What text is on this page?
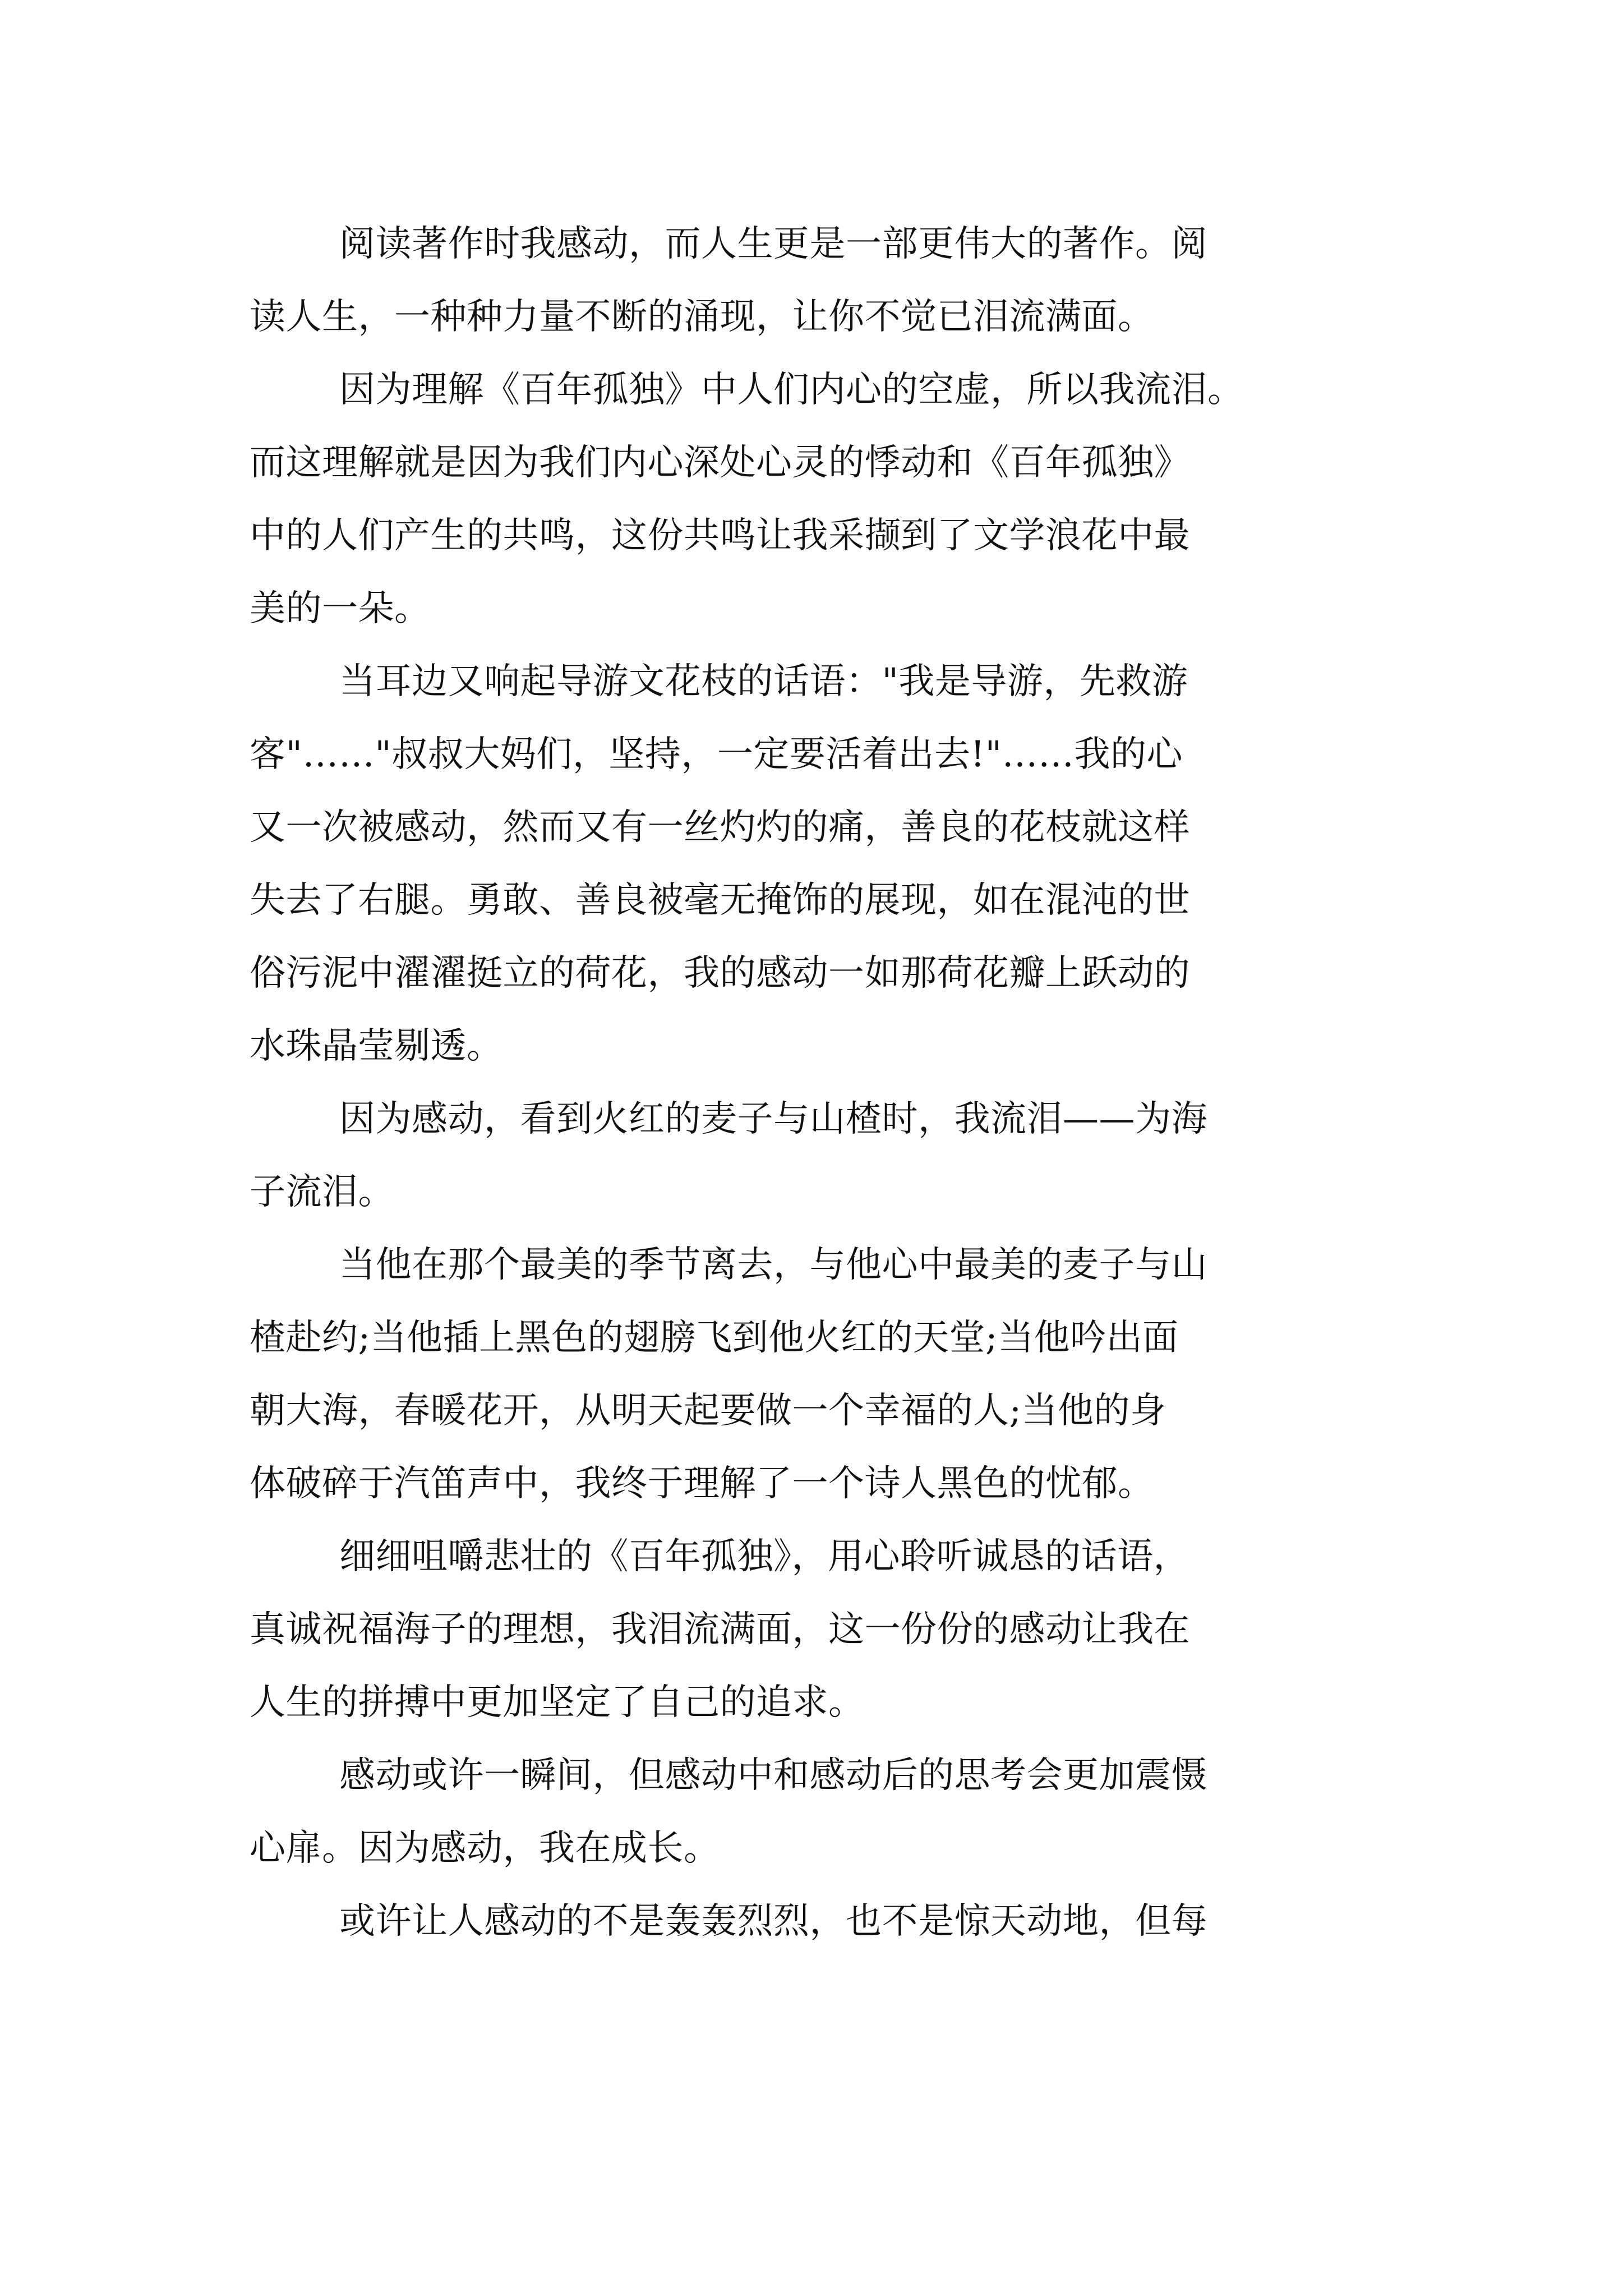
阅读著作时我感动，而人生更是一部更伟大的著作。阅
读人生，一种种力量不断的涌现，让你不觉已泪流满面。
因为理解《百年孤独》中人们内心的空虚，所以我流泪。
而这理解就是因为我们内心深处心灵的悸动和《百年孤独》
中的人们产生的共鸣，这份共鸣让我采撷到了文学浪花中最
美的一朵。
当耳边又响起导游文花枝的话语："我是导游，先救游
客"……"叔叔大妈们，坚持，一定要活着出去!"……我的心
又一次被感动，然而又有一丝灼灼的痛，善良的花枝就这样
失去了右腿。勇敢、善良被毫无掩饰的展现，如在混沌的世
俗污泥中濯濯挺立的荷花，我的感动一如那荷花瓣上跃动的
水珠晶莹剔透。
因为感动，看到火红的麦子与山楂时，我流泪——为海
子流泪。
当他在那个最美的季节离去，与他心中最美的麦子与山
楂赴约;当他插上黑色的翅膀飞到他火红的天堂;当他吟出面
朝大海，春暖花开，从明天起要做一个幸福的人;当他的身
体破碎于汽笛声中，我终于理解了一个诗人黑色的忧郁。
细细咀嚼悲壮的《百年孤独》，用心聆听诚恳的话语，
真诚祝福海子的理想，我泪流满面，这一份份的感动让我在
人生的拼搏中更加坚定了自己的追求。
感动或许一瞬间，但感动中和感动后的思考会更加震慑
心扉。因为感动，我在成长。
或许让人感动的不是轰轰烈烈，也不是惊天动地，但每
